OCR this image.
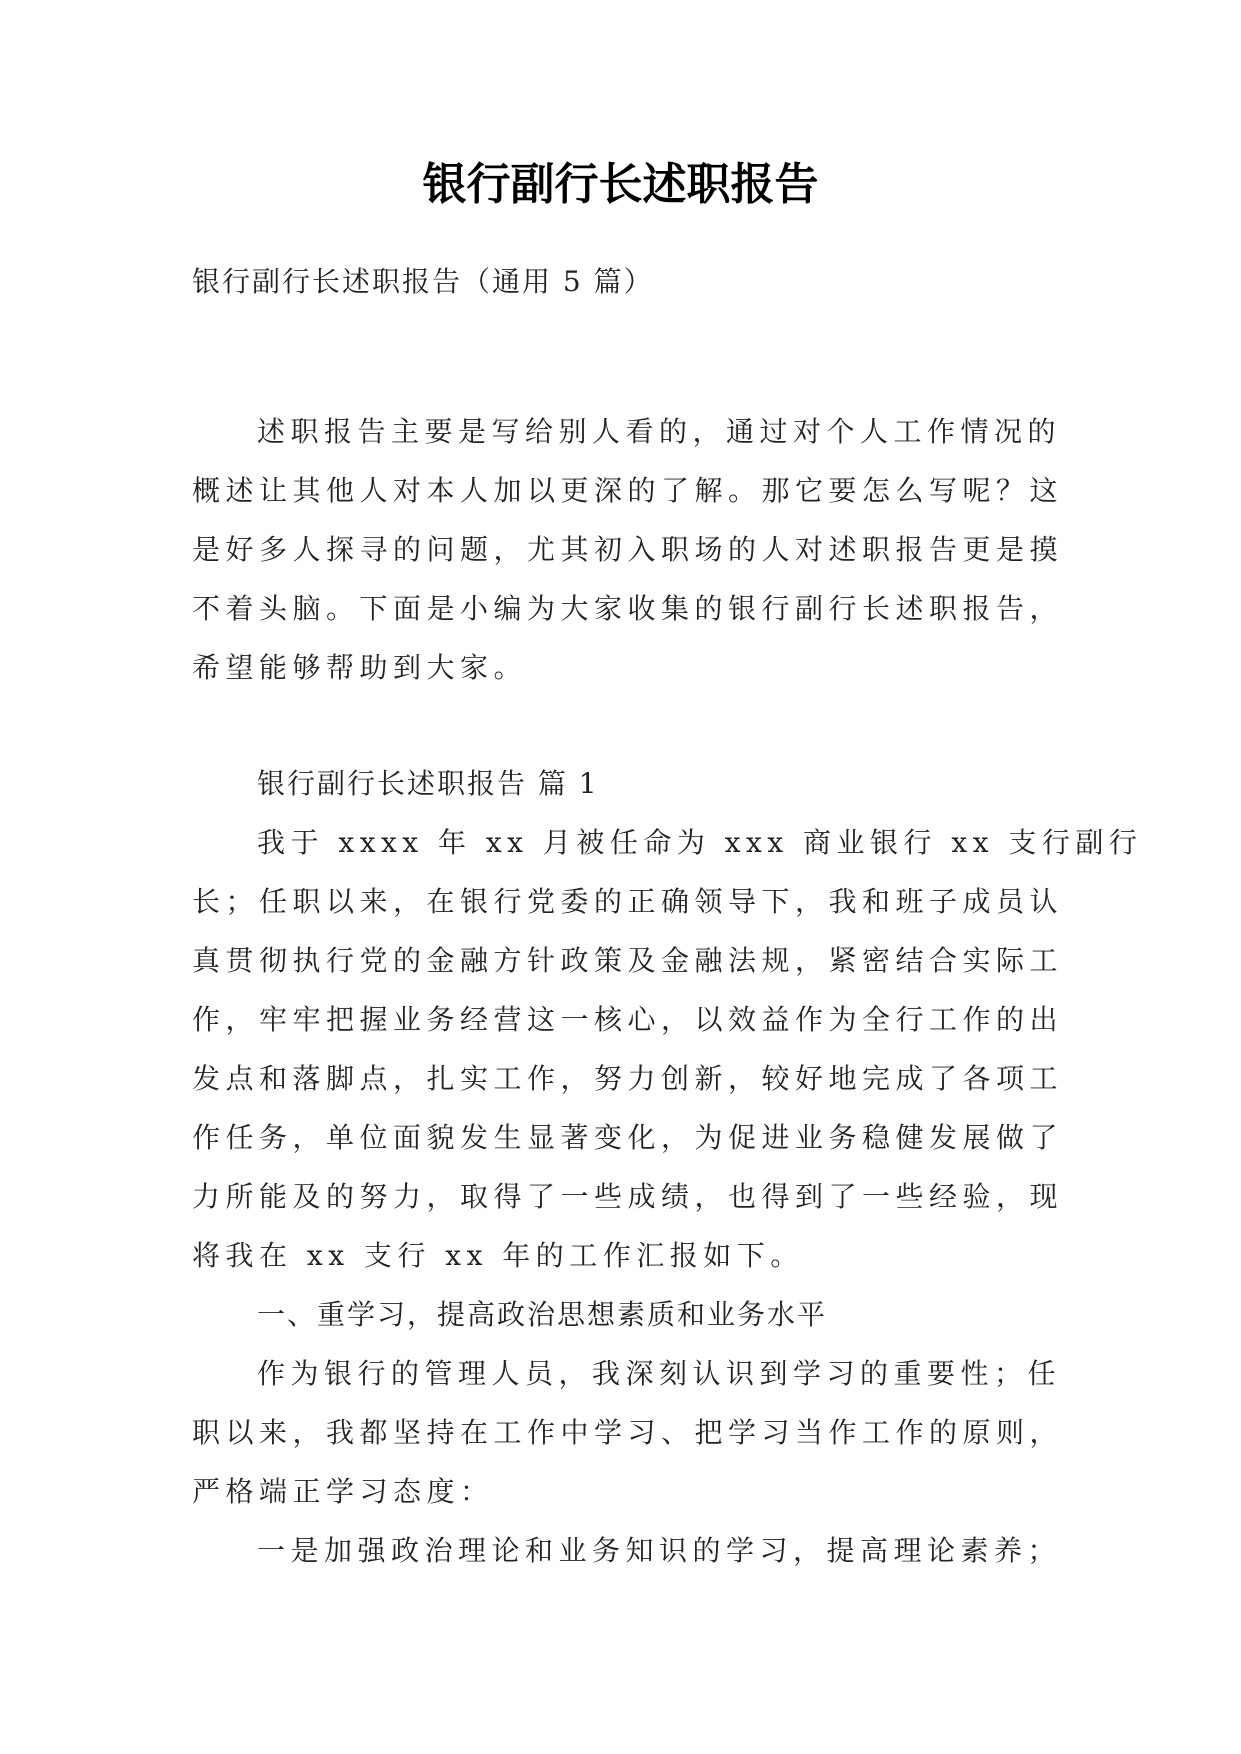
银行副行长述职报告

银行副行长述职报告（通用 5 篇）

述职报告主要是写给别人看的，通过对个人工作情况的
概述让其他人对本人加以更深的了解。那它要怎么写呢？这
是好多人探寻的问题，尤其初入职场的人对述职报告更是摸
不着头脑。下面是小编为大家收集的银行副行长述职报告，
希望能够帮助到大家。
银行副行长述职报告 篇 1
我于 xxxx 年 xx 月被任命为 xxx 商业银行 xx 支行副行
长；任职以来，在银行党委的正确领导下，我和班子成员认
真贯彻执行党的金融方针政策及金融法规，紧密结合实际工
作，牢牢把握业务经营这一核心，以效益作为全行工作的出
发点和落脚点，扎实工作，努力创新，较好地完成了各项工
作任务，单位面貌发生显著变化，为促进业务稳健发展做了
力所能及的努力，取得了一些成绩，也得到了一些经验，现
将我在 xx 支行 xx 年的工作汇报如下。
一、重学习，提高政治思想素质和业务水平
作为银行的管理人员，我深刻认识到学习的重要性；任
职以来，我都坚持在工作中学习、把学习当作工作的原则，
严格端正学习态度：
一是加强政治理论和业务知识的学习，提高理论素养；
